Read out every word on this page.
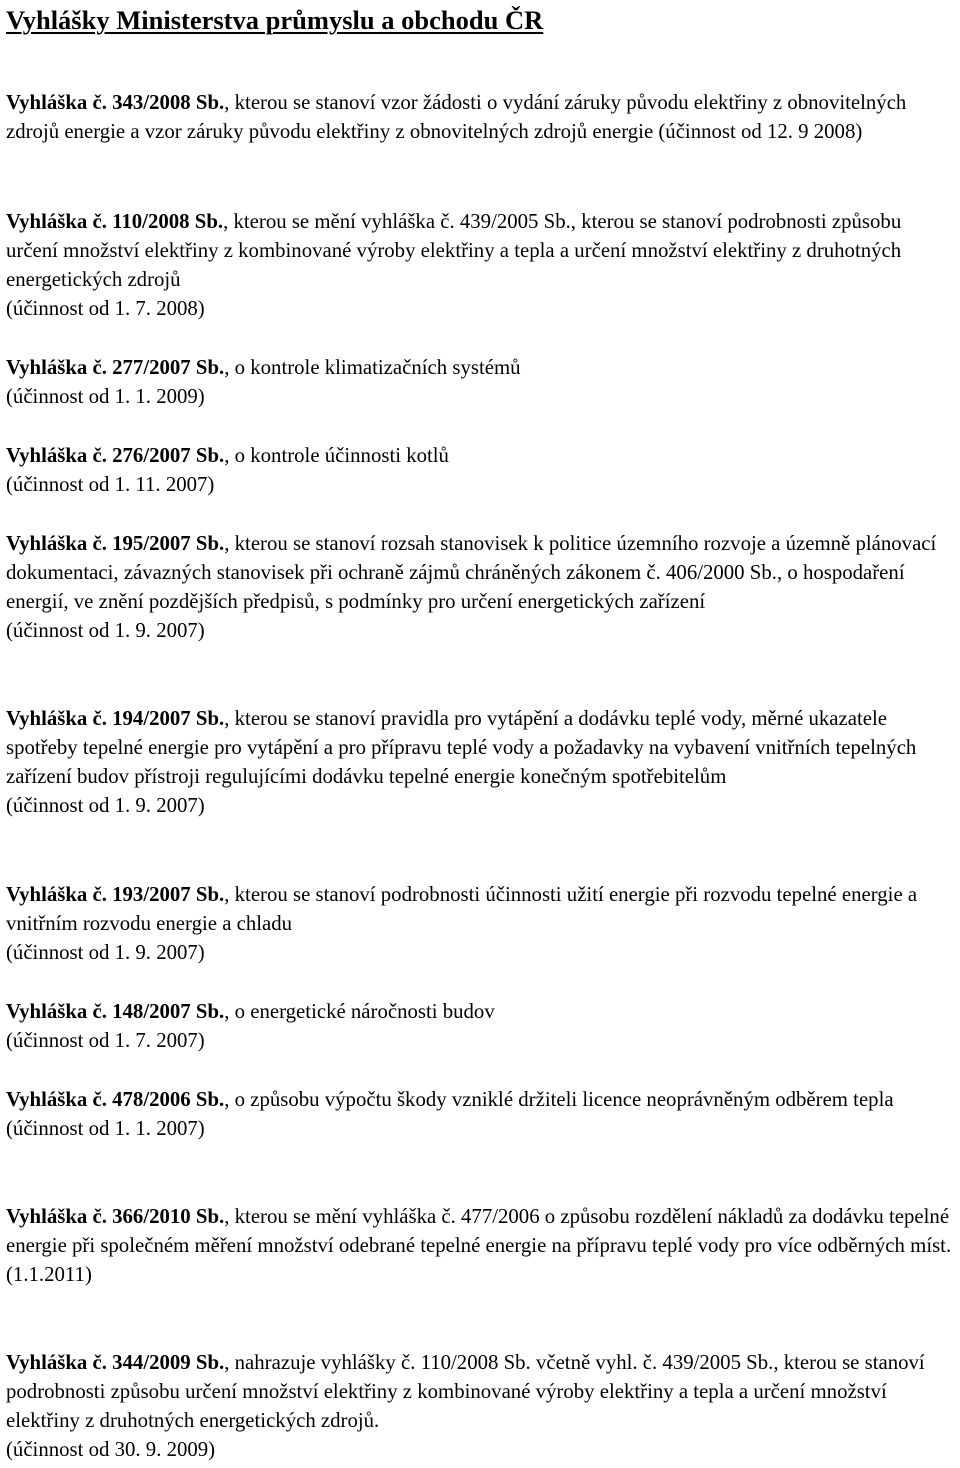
Vyhlášky Ministerstva průmyslu a obchodu ČR

Vyhláška č. 343/2008 Sb., kterou se stanoví vzor žádosti o vydání záruky původu elektřiny z obnovitelných zdrojů energie a vzor záruky původu elektřiny z obnovitelných zdrojů energie (účinnost od 12. 9 2008)

Vyhláška č. 110/2008 Sb., kterou se mění vyhláška č. 439/2005 Sb., kterou se stanoví podrobnosti způsobu určení množství elektřiny z kombinované výroby elektřiny a tepla a určení množství elektřiny z druhotných energetických zdrojů
(účinnost od 1. 7. 2008)

Vyhláška č. 277/2007 Sb., o kontrole klimatizačních systémů
(účinnost od 1. 1. 2009)

Vyhláška č. 276/2007 Sb., o kontrole účinnosti kotlů
(účinnost od 1. 11. 2007)

Vyhláška č. 195/2007 Sb., kterou se stanoví rozsah stanovisek k politice územního rozvoje a územně plánovací dokumentaci, závazných stanovisek při ochraně zájmů chráněných zákonem č. 406/2000 Sb., o hospodaření energií, ve znění pozdějších předpisů, s podmínky pro určení energetických zařízení
(účinnost od 1. 9. 2007)

Vyhláška č. 194/2007 Sb., kterou se stanoví pravidla pro vytápění a dodávku teplé vody, měrné ukazatele spotřeby tepelné energie pro vytápění a pro přípravu teplé vody a požadavky na vybavení vnitřních tepelných zařízení budov přístroji regulujícími dodávku tepelné energie konečným spotřebitelům
(účinnost od 1. 9. 2007)

Vyhláška č. 193/2007 Sb., kterou se stanoví podrobnosti účinnosti užití energie při rozvodu tepelné energie a vnitřním rozvodu energie a chladu
(účinnost od 1. 9. 2007)

Vyhláška č. 148/2007 Sb., o energetické náročnosti budov
(účinnost od 1. 7. 2007)

Vyhláška č. 478/2006 Sb., o způsobu výpočtu škody vzniklé držiteli licence neoprávněným odběrem tepla
(účinnost od 1. 1. 2007)

Vyhláška č. 366/2010 Sb., kterou se mění vyhláška č. 477/2006 o způsobu rozdělení nákladů za dodávku tepelné energie při společném měření množství odebrané tepelné energie na přípravu teplé vody pro více odběrných míst.
(1.1.2011)

Vyhláška č. 344/2009 Sb., nahrazuje vyhlášky č. 110/2008 Sb. včetně vyhl. č. 439/2005 Sb., kterou se stanoví podrobnosti způsobu určení množství elektřiny z kombinované výroby elektřiny a tepla a určení množství elektřiny z druhotných energetických zdrojů.
(účinnost od 30. 9. 2009)
